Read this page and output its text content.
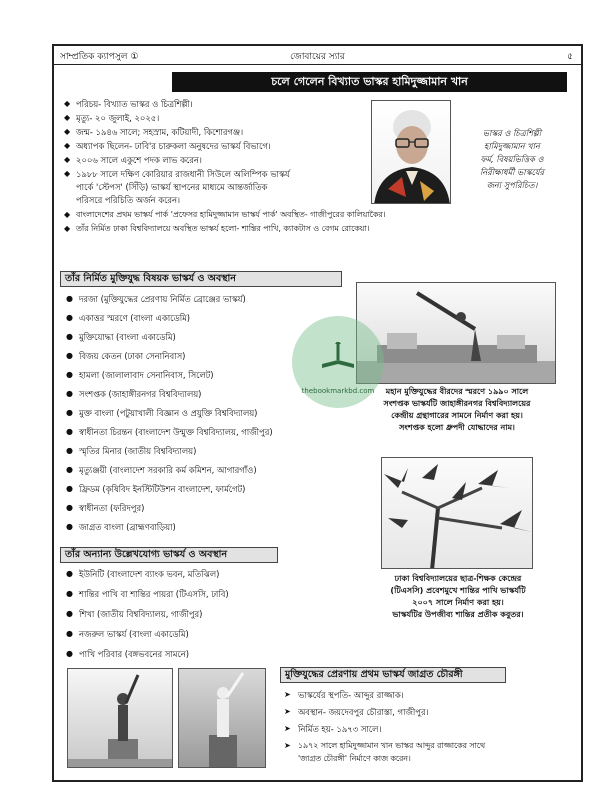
সাম্প্রতিক ক্যাপসুল ①	জোবায়ের স্যার	৫
চলে গেলেন বিখ্যাত ভাস্কর হামিদুজ্জামান খান
◆ পরিচয়- বিখ্যাত ভাস্কর ও চিত্রশিল্পী।
◆ মৃত্যু- ২০ জুলাই, ২০২৫।
◆ জন্ম- ১৯৪৬ সালে; সহস্রাম, কটিয়াদী, কিশোরগঞ্জ।
◆ অধ্যাপক ছিলেন- ঢাবি'র চারুকলা অনুষদের ভাস্কর্য বিভাগে।
◆ ২০০৬ সালে একুশে পদক লাভ করেন।
◆ ১৯৮৮ সালে দক্ষিণ কোরিয়ার রাজধানী সিউলে অলিম্পিক ভাস্কর্য
পার্কে 'স্টেপস' (সিঁড়ি) ভাস্কর্য স্থাপনের মাধ্যমে আন্তর্জাতিক
পরিসরে পরিচিতি অর্জন করেন।
◆ বাংলাদেশের প্রথম ভাস্কর্য পার্ক 'প্রফেসর হামিদুজ্জামান ভাস্কর্য পার্ক' অবস্থিত- গাজীপুরের কালিয়াকৈর।
◆ তাঁর নির্মিত ঢাকা বিশ্ববিদ্যালয়ে অবস্থিত ভাস্কর্য হলো- শান্তির পাখি, ক্যাকটাস ও বেগম রোকেয়া।
ভাস্কর ও চিত্রশিল্পী
হামিদুজ্জামান খান
ফর্ম, বিষয়ভিত্তিক ও
নিরীক্ষাধর্মী ভাস্কর্যের
জন্য সুপরিচিত।
তাঁর নির্মিত মুক্তিযুদ্ধ বিষয়ক ভাস্কর্য ও অবস্থান
● দরজা (মুক্তিযুদ্ধের প্রেরণায় নির্মিত ব্রোঞ্জের ভাস্কর্য)
● একাত্তর স্মরণে (বাংলা একাডেমি)
● মুক্তিযোদ্ধা (বাংলা একাডেমি)
● বিজয় কেতন (ঢাকা সেনানিবাস)
● হামলা (জালালাবাদ সেনানিবাস, সিলেট)
● সংশপ্তক (জাহাঙ্গীরনগর বিশ্ববিদ্যালয়)
● মুক্ত বাংলা (পটুয়াখালী বিজ্ঞান ও প্রযুক্তি বিশ্ববিদ্যালয়)
● স্বাধীনতা চিরন্তন (বাংলাদেশ উন্মুক্ত বিশ্ববিদ্যালয়, গাজীপুর)
● স্মৃতির মিনার (জাতীয় বিশ্ববিদ্যালয়)
● মৃত্যুঞ্জয়ী (বাংলাদেশ সরকারি কর্ম কমিশন, আগারগাঁও)
● ফ্রিডম (কৃষিবিদ ইনস্টিটিউশন বাংলাদেশ, ফার্মগেট)
● স্বাধীনতা (ফরিদপুর)
● জাগ্রত বাংলা (ব্রাহ্মণবাড়িয়া)
মহান মুক্তিযুদ্ধের বীরদের স্মরণে ১৯৯০ সালে
সংশপ্তক ভাস্কর্যটি জাহাঙ্গীরনগর বিশ্ববিদ্যালয়ের
কেন্দ্রীয় গ্রন্থাগারের সামনে নির্মাণ করা হয়।
সংশপ্তক হলো ধ্রুপদী যোদ্ধাদের নাম।
ঢাকা বিশ্ববিদ্যালয়ের ছাত্র-শিক্ষক কেন্দ্রের
(টিএসসি) প্রবেশমুখে শান্তির পাখি ভাস্কর্যটি
২০০৭ সালে নির্মাণ করা হয়।
ভাস্কর্যটির উপজীব্য শান্তির প্রতীক কবুতর।
তাঁর অন্যান্য উল্লেখযোগ্য ভাস্কর্য ও অবস্থান
● ইউনিটি (বাংলাদেশ ব্যাংক ভবন, মতিঝিল)
● শান্তির পাখি বা শান্তির পায়রা (টিএসসি, ঢাবি)
● শিখা (জাতীয় বিশ্ববিদ্যালয়, গাজীপুর)
● নজরুল ভাস্কর্য (বাংলা একাডেমি)
● পাখি পরিবার (বঙ্গভবনের সামনে)
মুক্তিযুদ্ধের প্রেরণায় প্রথম ভাস্কর্য জাগ্রত চৌরঙ্গী
➤ ভাস্কর্যের স্থপতি- আব্দুর রাজ্জাক।
➤ অবস্থান- জয়দেবপুর চৌরাস্তা, গাজীপুর।
➤ নির্মিত হয়- ১৯৭৩ সালে।
➤ ১৯৭২ সালে হামিদুজ্জামান খান ভাস্কর আব্দুর রাজ্জাকের সাথে
'জাগ্রত চৌরঙ্গী' নির্মাণে কাজ করেন।
thebookmarkbd.com
